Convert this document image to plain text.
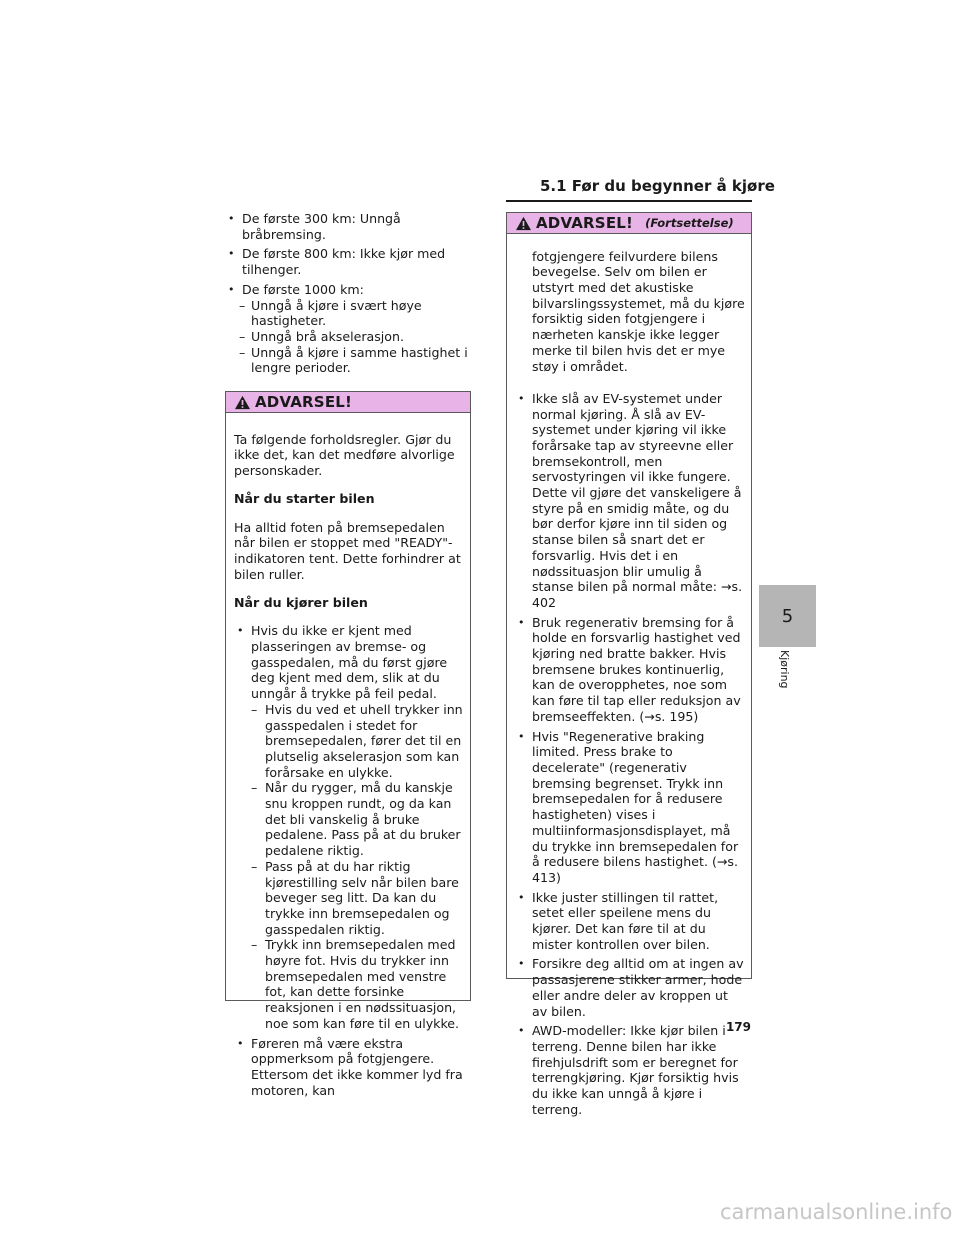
5.1 Før du begynner å kjøre

• De første 300 km: Unngå bråbremsing.

• De første 800 km: Ikke kjør med tilhenger.

• De første 1000 km:

– Unngå å kjøre i svært høye hastigheter.

– Unngå brå akselerasjon.

– Unngå å kjøre i samme hastighet i lengre perioder.

ADVARSEL!

Ta følgende forholdsregler. Gjør du ikke det, kan det medføre alvorlige personskader.

Når du starter bilen

Ha alltid foten på bremsepedalen når bilen er stoppet med "READY"-indikatoren tent. Dette forhindrer at bilen ruller.

Når du kjører bilen

• Hvis du ikke er kjent med plasseringen av bremse- og gasspedalen, må du først gjøre deg kjent med dem, slik at du unngår å trykke på feil pedal.

– Hvis du ved et uhell trykker inn gasspedalen i stedet for bremsepedalen, fører det til en plutselig akselerasjon som kan forårsake en ulykke.

– Når du rygger, må du kanskje snu kroppen rundt, og da kan det bli vanskelig å bruke pedalene. Pass på at du bruker pedalene riktig.

– Pass på at du har riktig kjørestilling selv når bilen bare beveger seg litt. Da kan du trykke inn bremsepedalen og gasspedalen riktig.

– Trykk inn bremsepedalen med høyre fot. Hvis du trykker inn bremsepedalen med venstre fot, kan dette forsinke reaksjonen i en nødssituasjon, noe som kan føre til en ulykke.

• Føreren må være ekstra oppmerksom på fotgjengere. Ettersom det ikke kommer lyd fra motoren, kan

ADVARSEL! (Fortsettelse)

fotgjengere feilvurdere bilens bevegelse. Selv om bilen er utstyrt med det akustiske bilvarslingssystemet, må du kjøre forsiktig siden fotgjengere i nærheten kanskje ikke legger merke til bilen hvis det er mye støy i området.

• Ikke slå av EV-systemet under normal kjøring. Å slå av EV-systemet under kjøring vil ikke forårsake tap av styreevne eller bremsekontroll, men servostyringen vil ikke fungere. Dette vil gjøre det vanskeligere å styre på en smidig måte, og du bør derfor kjøre inn til siden og stanse bilen så snart det er forsvarlig. Hvis det i en nødssituasjon blir umulig å stanse bilen på normal måte: →s. 402

• Bruk regenerativ bremsing for å holde en forsvarlig hastighet ved kjøring ned bratte bakker. Hvis bremsene brukes kontinuerlig, kan de overopphetes, noe som kan føre til tap eller reduksjon av bremseeffekten. (→s. 195)

• Hvis "Regenerative braking limited. Press brake to decelerate" (regenerativ bremsing begrenset. Trykk inn bremsepedalen for å redusere hastigheten) vises i multiinformasjonsdisplayet, må du trykke inn bremsepedalen for å redusere bilens hastighet. (→s. 413)

• Ikke juster stillingen til rattet, setet eller speilene mens du kjører. Det kan føre til at du mister kontrollen over bilen.

• Forsikre deg alltid om at ingen av passasjerene stikker armer, hode eller andre deler av kroppen ut av bilen.

• AWD-modeller: Ikke kjør bilen i terreng. Denne bilen har ikke firehjulsdrift som er beregnet for terrengkjøring. Kjør forsiktig hvis du ikke kan unngå å kjøre i terreng.

5
Kjøring
179
carmanualsonline.info
